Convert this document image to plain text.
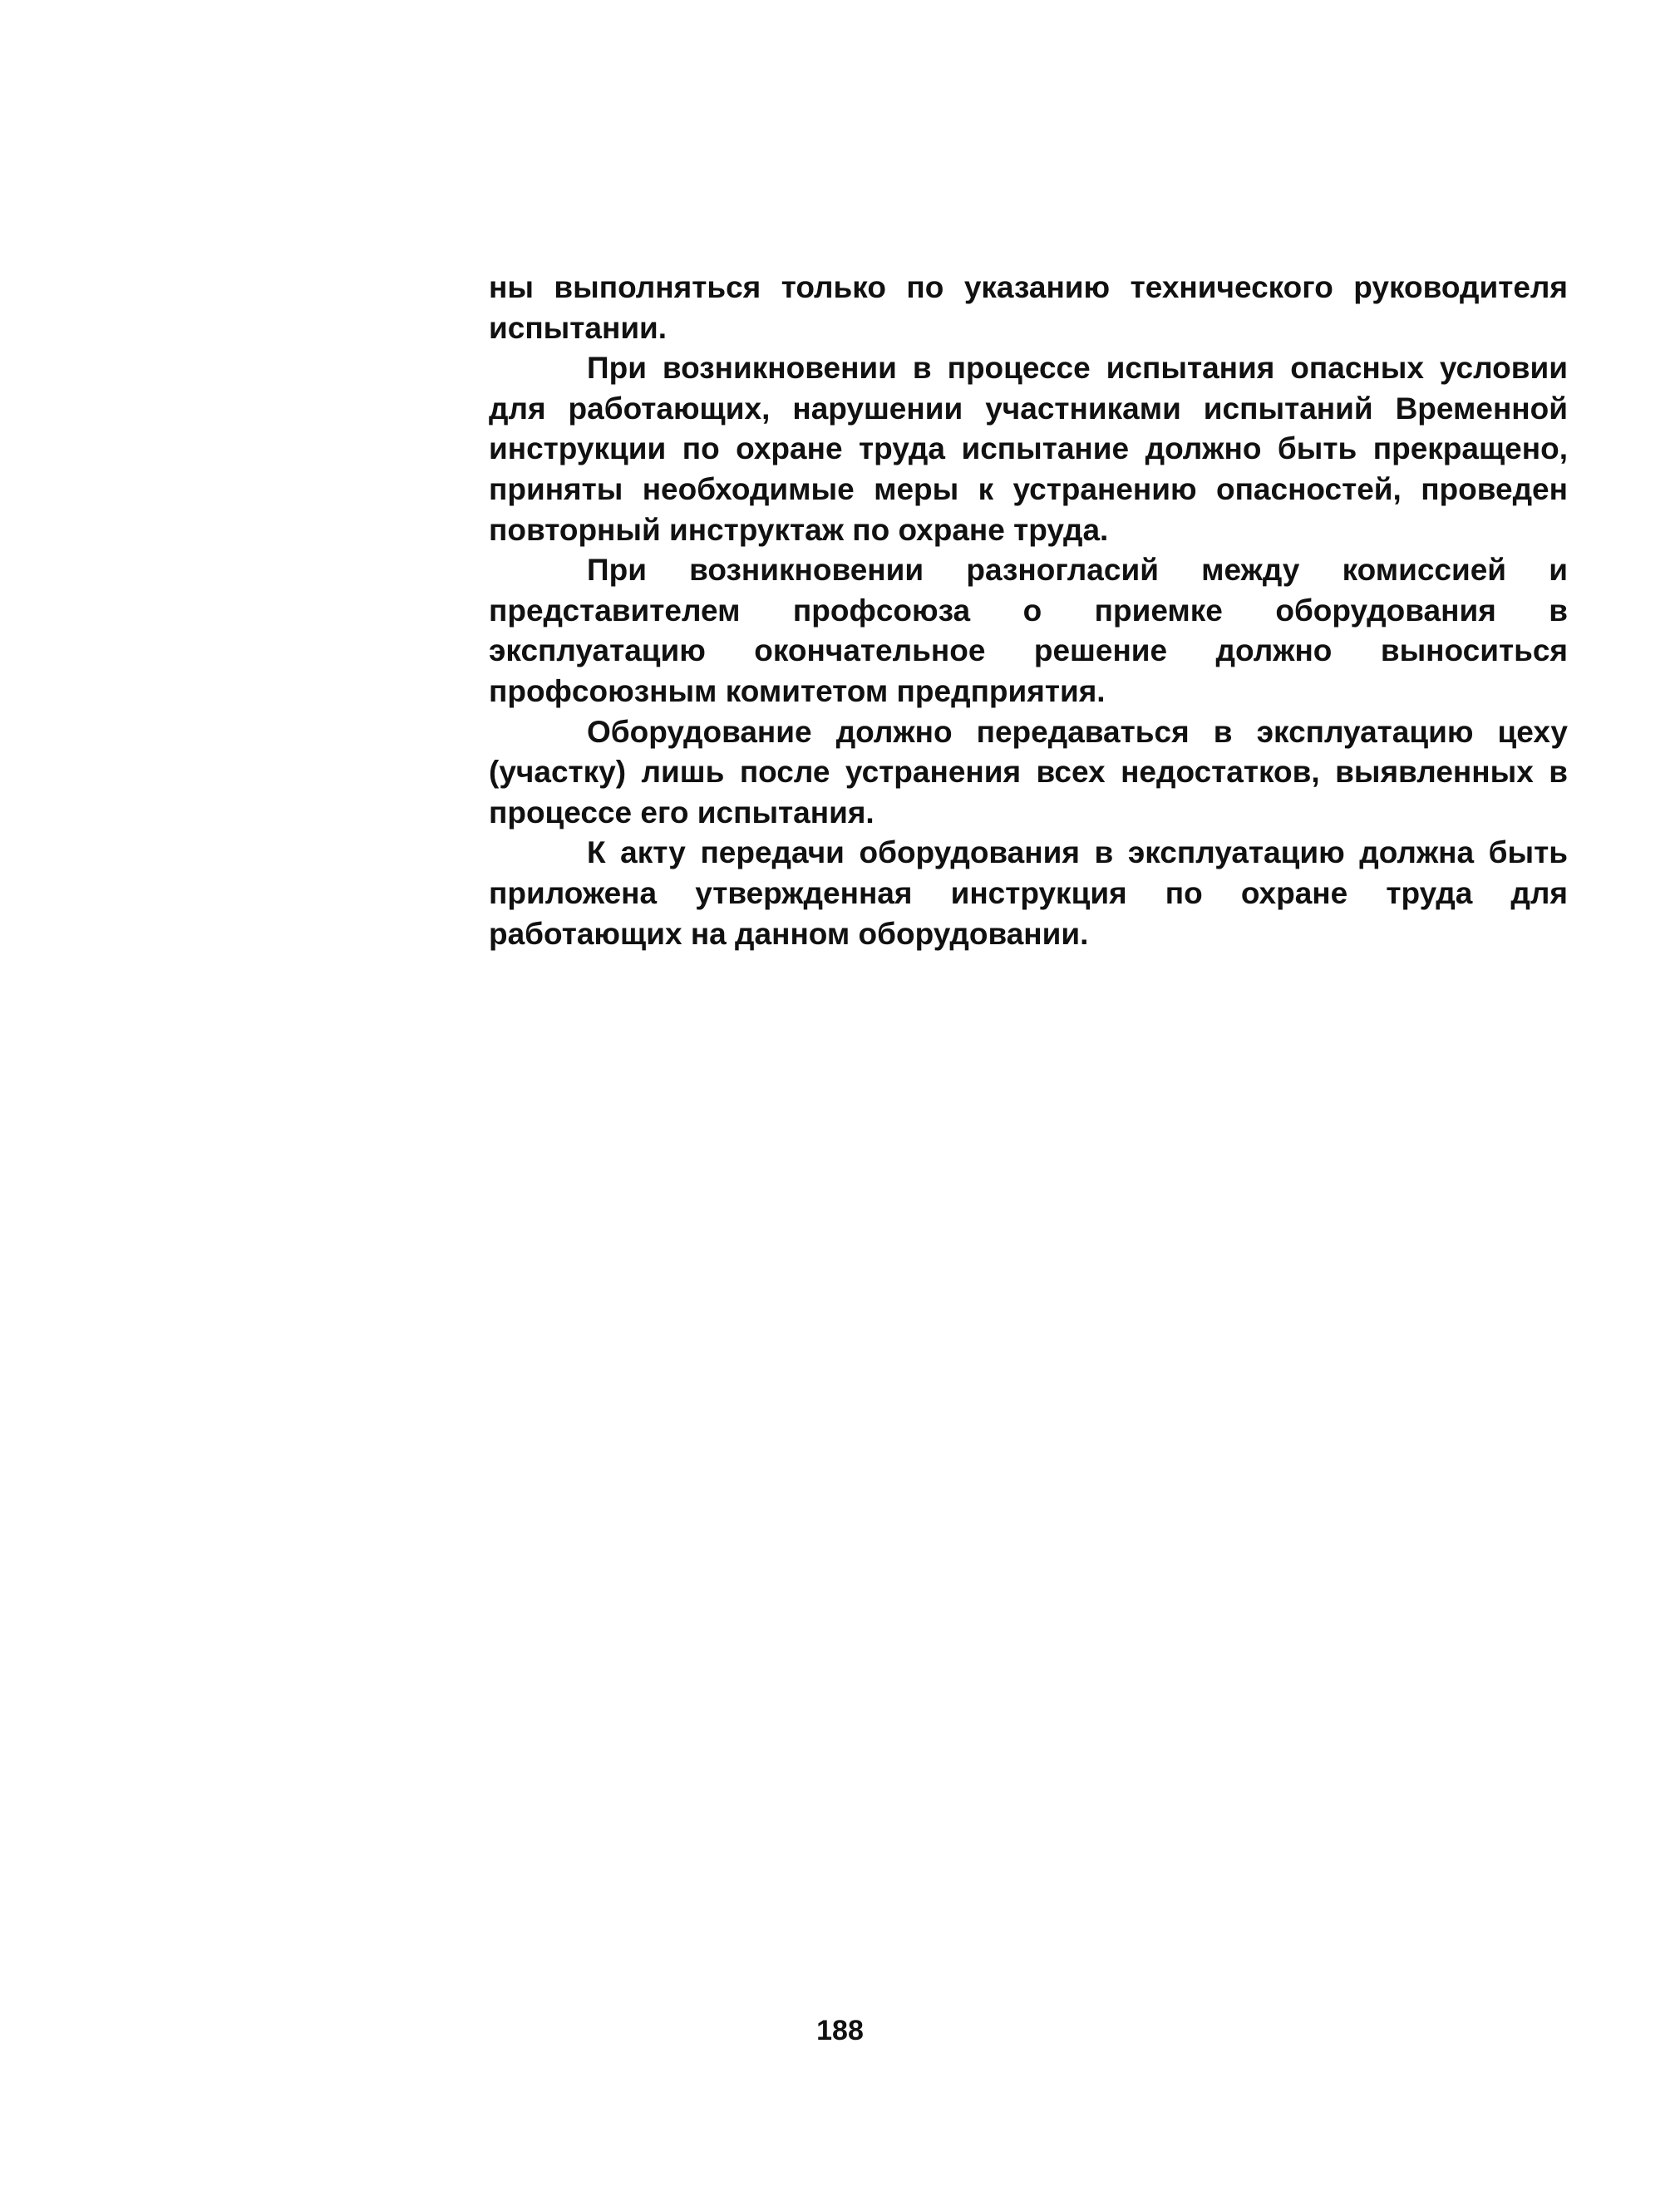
ны выполняться только по указанию технического руководителя испытании.

При возникновении в процессе испытания опасных условии для работающих, нарушении участниками испытаний Временной инструкции по охране труда испытание должно быть прекращено, приняты необходимые меры к устранению опасностей, проведен повторный инструктаж по охране труда.

При возникновении разногласий между комиссией и представителем профсоюза о приемке оборудования в эксплуатацию окончательное решение должно выноситься профсоюзным комитетом предприятия.

Оборудование должно передаваться в эксплуатацию цеху (участку) лишь после устранения всех недостатков, выявленных в процессе его испытания.

К акту передачи оборудования в эксплуатацию должна быть приложена утвержденная инструкция по охране труда для работающих на данном оборудовании.

188
